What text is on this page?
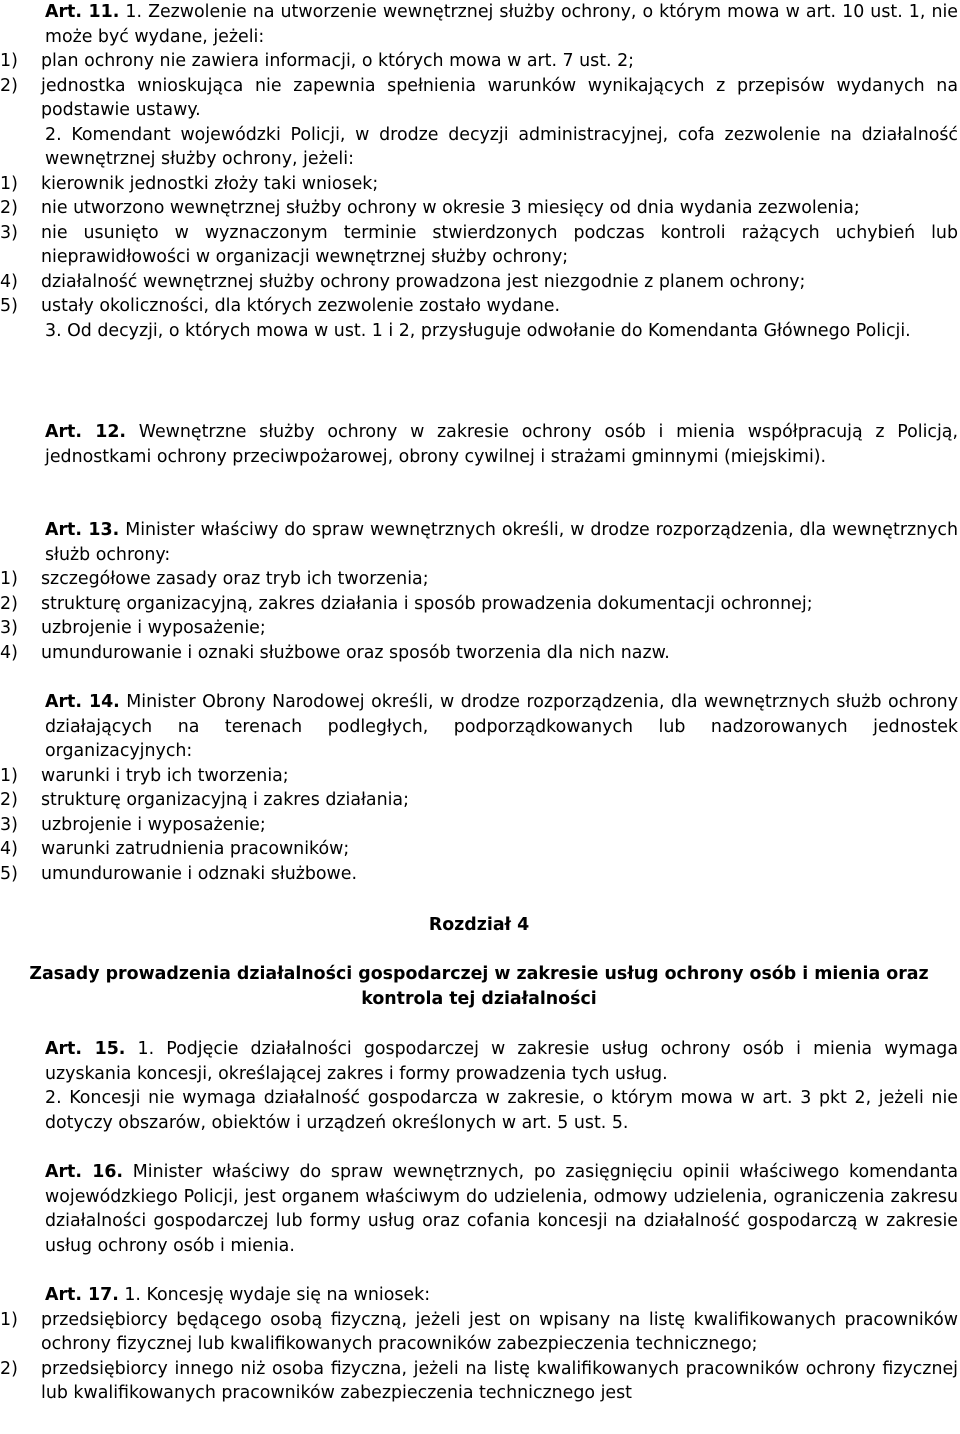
Art. 11. 1. Zezwolenie na utworzenie wewnętrznej służby ochrony, o którym mowa w art. 10 ust. 1, nie może być wydane, jeżeli:

1)	plan ochrony nie zawiera informacji, o których mowa w art. 7 ust. 2;
2)	jednostka wnioskująca nie zapewnia spełnienia warunków wynikających z przepisów wydanych na podstawie ustawy.

2. Komendant wojewódzki Policji, w drodze decyzji administracyjnej, cofa zezwolenie na działalność wewnętrznej służby ochrony, jeżeli:

1)	kierownik jednostki złoży taki wniosek;
2)	nie utworzono wewnętrznej służby ochrony w okresie 3 miesięcy od dnia wydania zezwolenia;
3)	nie usunięto w wyznaczonym terminie stwierdzonych podczas kontroli rażących uchybień lub nieprawidłowości w organizacji wewnętrznej służby ochrony;
4)	działalność wewnętrznej służby ochrony prowadzona jest niezgodnie z planem ochrony;
5)	ustały okoliczności, dla których zezwolenie zostało wydane.

3. Od decyzji, o których mowa w ust. 1 i 2, przysługuje odwołanie do Komendanta Głównego Policji.

Art. 12. Wewnętrzne służby ochrony w zakresie ochrony osób i mienia współpracują z Policją, jednostkami ochrony przeciwpożarowej, obrony cywilnej i strażami gminnymi (miejskimi).

Art. 13. Minister właściwy do spraw wewnętrznych określi, w drodze rozporządzenia, dla wewnętrznych służb ochrony:

1)	szczegółowe zasady oraz tryb ich tworzenia;
2)	strukturę organizacyjną, zakres działania i sposób prowadzenia dokumentacji ochronnej;
3)	uzbrojenie i wyposażenie;
4)	umundurowanie i oznaki służbowe oraz sposób tworzenia dla nich nazw.

Art. 14. Minister Obrony Narodowej określi, w drodze rozporządzenia, dla wewnętrznych służb ochrony działających na terenach podległych, podporządkowanych lub nadzorowanych jednostek organizacyjnych:

1)	warunki i tryb ich tworzenia;
2)	strukturę organizacyjną i zakres działania;
3)	uzbrojenie i wyposażenie;
4)	warunki zatrudnienia pracowników;
5)	umundurowanie i odznaki służbowe.

Rozdział 4

Zasady prowadzenia działalności gospodarczej w zakresie usług ochrony osób i mienia oraz kontrola tej działalności

Art. 15. 1. Podjęcie działalności gospodarczej w zakresie usług ochrony osób i mienia wymaga uzyskania koncesji, określającej zakres i formy prowadzenia tych usług.

2. Koncesji nie wymaga działalność gospodarcza w zakresie, o którym mowa w art. 3 pkt 2, jeżeli nie dotyczy obszarów, obiektów i urządzeń określonych w art. 5 ust. 5.

Art. 16. Minister właściwy do spraw wewnętrznych, po zasięgnięciu opinii właściwego komendanta wojewódzkiego Policji, jest organem właściwym do udzielenia, odmowy udzielenia, ograniczenia zakresu działalności gospodarczej lub formy usług oraz cofania koncesji na działalność gospodarczą w zakresie usług ochrony osób i mienia.

Art. 17. 1. Koncesję wydaje się na wniosek:

1)	przedsiębiorcy będącego osobą fizyczną, jeżeli jest on wpisany na listę kwalifikowanych pracowników ochrony fizycznej lub kwalifikowanych pracowników zabezpieczenia technicznego;
2)	przedsiębiorcy innego niż osoba fizyczna, jeżeli na listę kwalifikowanych pracowników ochrony fizycznej lub kwalifikowanych pracowników zabezpieczenia technicznego jest
